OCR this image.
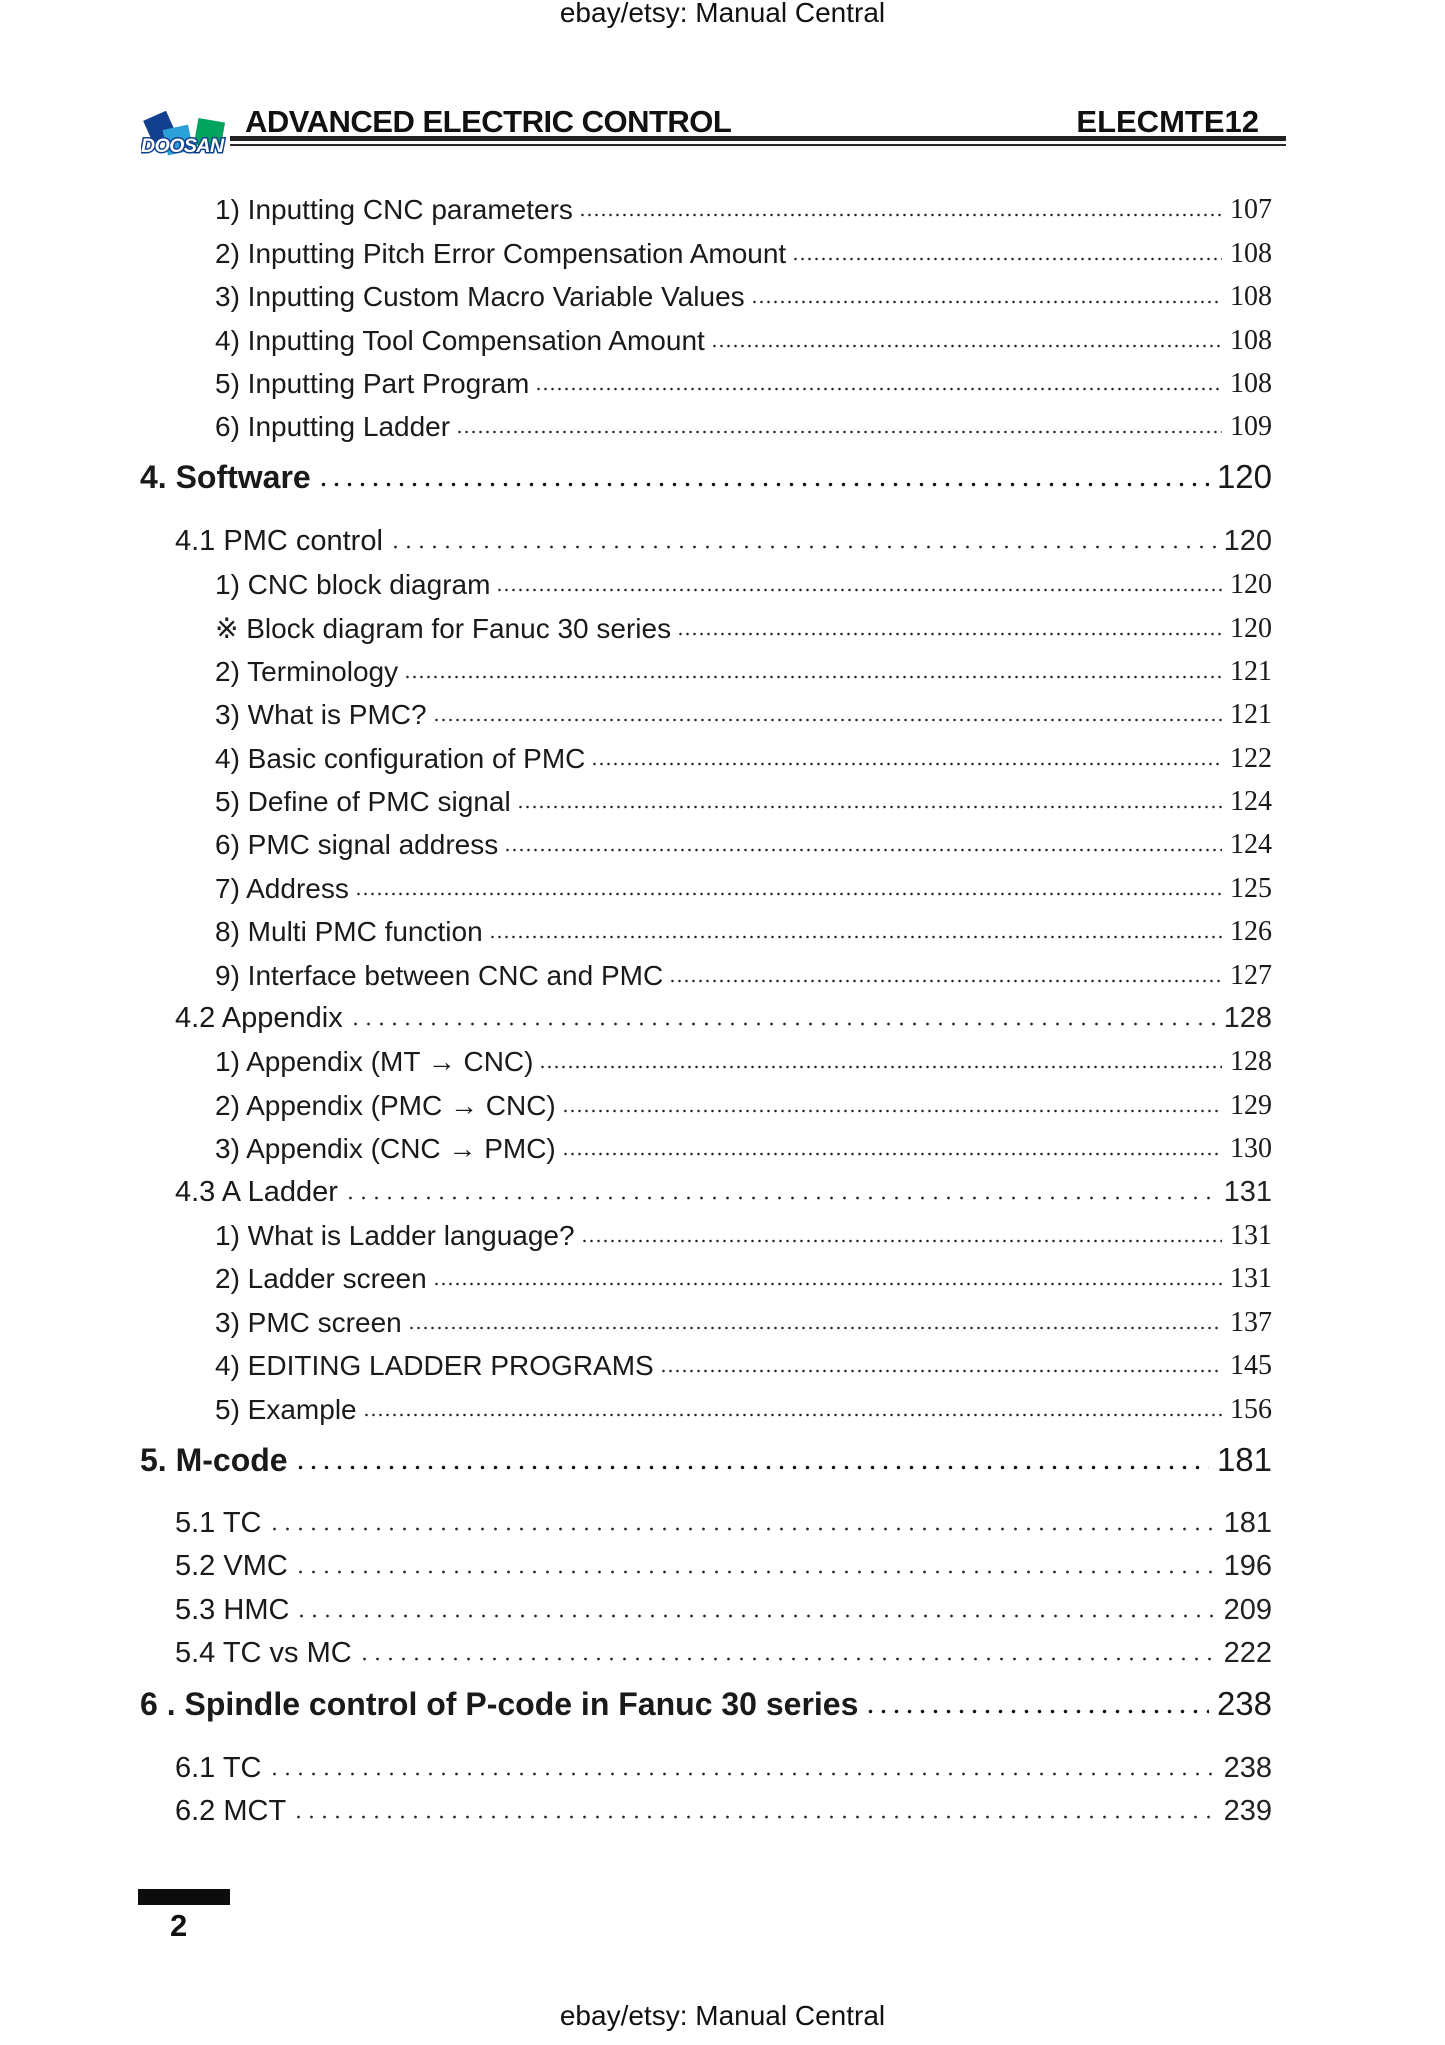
ebay/etsy: Manual Central
DOOSAN
ADVANCED ELECTRIC CONTROL	ELECMTE12
1) Inputting CNC parameters	107
2) Inputting Pitch Error Compensation Amount	108
3) Inputting Custom Macro Variable Values	108
4) Inputting Tool Compensation Amount	108
5) Inputting Part Program	108
6) Inputting Ladder	109
4. Software	120
4.1 PMC control	120
1) CNC block diagram	120
※ Block diagram for Fanuc 30 series	120
2) Terminology	121
3) What is PMC?	121
4) Basic configuration of PMC	122
5) Define of PMC signal	124
6) PMC signal address	124
7) Address	125
8) Multi PMC function	126
9) Interface between CNC and PMC	127
4.2 Appendix	128
1) Appendix (MT → CNC)	128
2) Appendix (PMC → CNC)	129
3) Appendix (CNC → PMC)	130
4.3 A Ladder	131
1) What is Ladder language?	131
2) Ladder screen	131
3) PMC screen	137
4) EDITING LADDER PROGRAMS	145
5) Example	156
5. M-code	181
5.1 TC	181
5.2 VMC	196
5.3 HMC	209
5.4 TC vs MC	222
6 . Spindle control of P-code in Fanuc 30 series	238
6.1 TC	238
6.2 MCT	239
2
ebay/etsy: Manual Central
